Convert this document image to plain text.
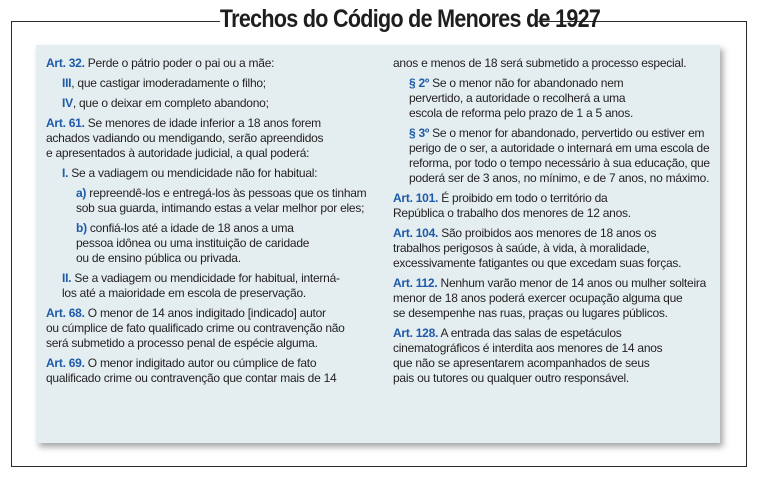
Trechos do Código de Menores de 1927

Art. 32. Perde o pátrio poder o pai ou a mãe:

III, que castigar imoderadamente o filho;

IV, que o deixar em completo abandono;

Art. 61. Se menores de idade inferior a 18 anos forem
achados vadiando ou mendigando, serão apreendidos
e apresentados à autoridade judicial, a qual poderá:

I. Se a vadiagem ou mendicidade não for habitual:

a) repreendê-los e entregá-los às pessoas que os tinham
sob sua guarda, intimando estas a velar melhor por eles;

b) confiá-los até a idade de 18 anos a uma
pessoa idônea ou uma instituição de caridade
ou de ensino pública ou privada.

II. Se a vadiagem ou mendicidade for habitual, interná-
los até a maioridade em escola de preservação.

Art. 68. O menor de 14 anos indigitado [indicado] autor
ou cúmplice de fato qualificado crime ou contravenção não
será submetido a processo penal de espécie alguma.

Art. 69. O menor indigitado autor ou cúmplice de fato
qualificado crime ou contravenção que contar mais de 14

anos e menos de 18 será submetido a processo especial.

§ 2º Se o menor não for abandonado nem
pervertido, a autoridade o recolherá a uma
escola de reforma pelo prazo de 1 a 5 anos.

§ 3º Se o menor for abandonado, pervertido ou estiver em
perigo de o ser, a autoridade o internará em uma escola de
reforma, por todo o tempo necessário à sua educação, que
poderá ser de 3 anos, no mínimo, e de 7 anos, no máximo.

Art. 101. É proibido em todo o território da
República o trabalho dos menores de 12 anos.

Art. 104. São proibidos aos menores de 18 anos os
trabalhos perigosos à saúde, à vida, à moralidade,
excessivamente fatigantes ou que excedam suas forças.

Art. 112. Nenhum varão menor de 14 anos ou mulher solteira
menor de 18 anos poderá exercer ocupação alguma que
se desempenhe nas ruas, praças ou lugares públicos.

Art. 128. A entrada das salas de espetáculos
cinematográficos é interdita aos menores de 14 anos
que não se apresentarem acompanhados de seus
pais ou tutores ou qualquer outro responsável.
